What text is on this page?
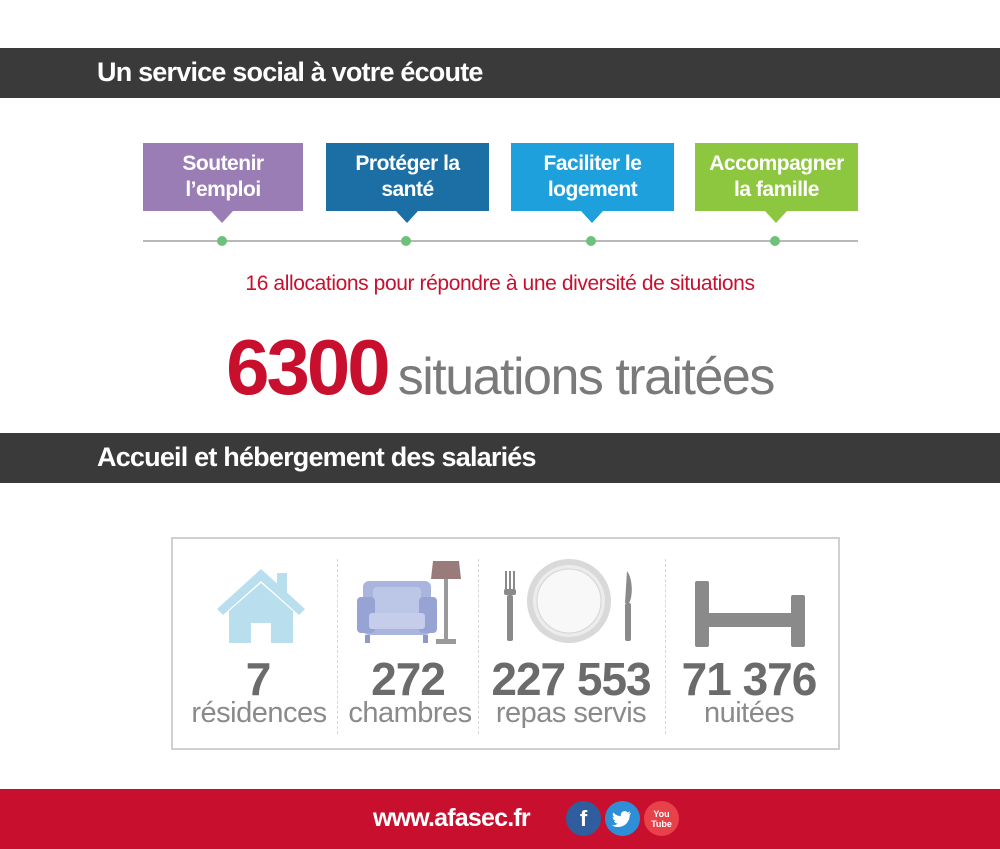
Un service social à votre écoute
Soutenir
l’emploi
Protéger la
santé
Faciliter le
logement
Accompagner
la famille
16 allocations pour répondre à une diversité de situations
6300 situations traitées
Accueil et hébergement des salariés
7
résidences
272
chambres
227 553
repas servis
71 376
nuitées
www.afasec.fr	f	You
Tube
